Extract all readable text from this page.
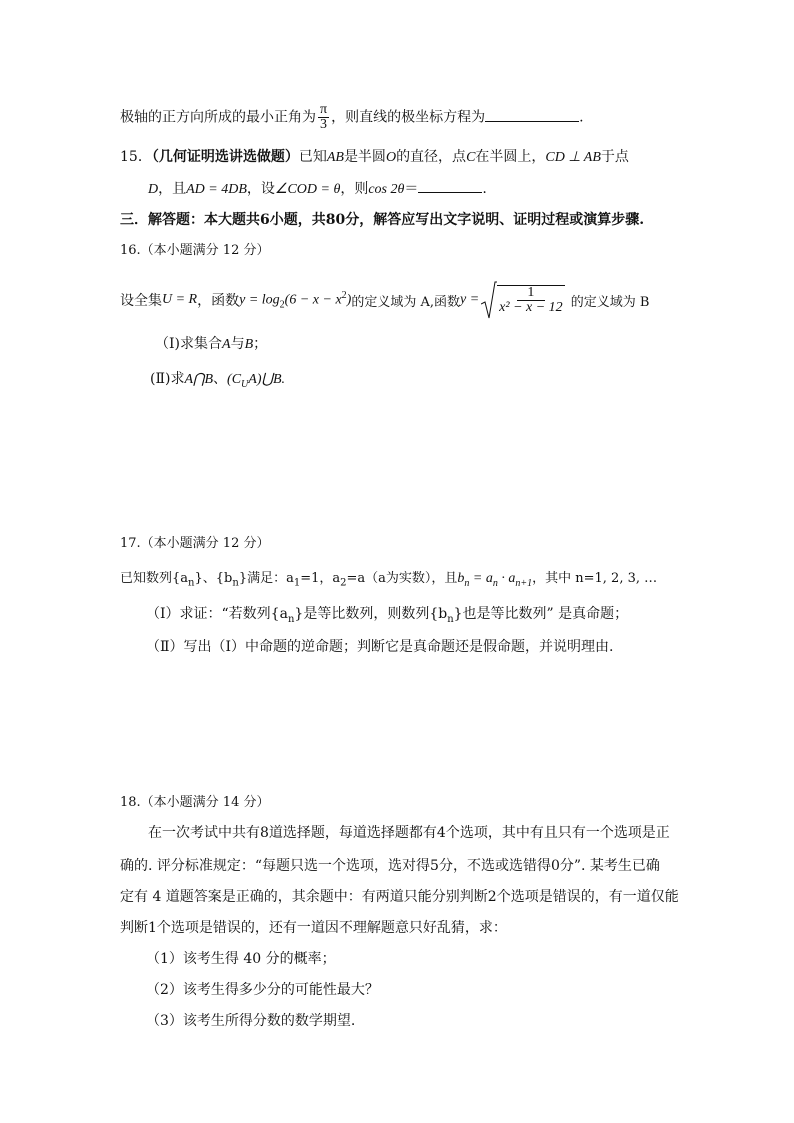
极轴的正方向所成的最小正角为 $\frac{\pi}{3}$ ，则直线的极坐标方程为	.
15．（几何证明选讲选做题）已知AB是半圆O的直径，点C在半圆上，CD ⊥ AB于点
D，且AD = 4DB，设∠COD = θ，则cos 2θ＝	.
三．解答题：本大题共6小题，共80分，解答应写出文字说明、证明过程或演算步骤.
16.（本小题满分 12 分）
设全集 U = R ，函数 $y = \log_2(6 - x - x^2)$ 的定义域为 A,函数 $y = \frac{1}{\text{x² − x − 12}}$ 的定义域为 B
（Ⅰ)求集合A与B；
(Ⅱ)求A⋂B、$(C_UA)⋃B$.
17.（本小题满分 12 分）
已知数列$\{a_n\}$、$\{b_n\}$满足：$a_1=1$，$a_2=a(a$为实数），且$b_n = a_n \cdot a_{n+1}$，其中 n=1, 2, 3, …
（Ⅰ）求证：“若数列$\{a_n\}$是等比数列，则数列$\{b_n\}$也是等比数列” 是真命题；
（Ⅱ）写出（Ⅰ）中命题的逆命题；判断它是真命题还是假命题，并说明理由.
18.（本小题满分 14 分）
在一次考试中共有8道选择题，每道选择题都有4个选项，其中有且只有一个选项是正
确的. 评分标准规定：“每题只选一个选项，选对得5分，不选或选错得0分”. 某考生已确
定有 4 道题答案是正确的，其余题中：有两道只能分别判断2个选项是错误的，有一道仅能
判断1个选项是错误的，还有一道因不理解题意只好乱猜，求：
（1）该考生得 40 分的概率；
（2）该考生得多少分的可能性最大？
（3）该考生所得分数的数学期望.
